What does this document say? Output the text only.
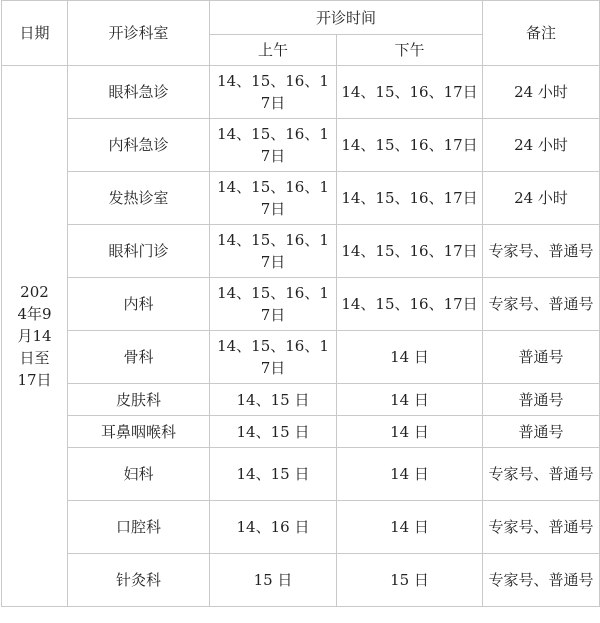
日期	开诊科室	开诊时间		备注
		上午	下午	
2024年9月14日至17日	眼科急诊	14、15、16、17日	14、15、16、17日	24 小时
	内科急诊	14、15、16、17日	14、15、16、17日	24 小时
	发热诊室	14、15、16、17日	14、15、16、17日	24 小时
	眼科门诊	14、15、16、17日	14、15、16、17日	专家号、普通号
	内科	14、15、16、17日	14、15、16、17日	专家号、普通号
	骨科	14、15、16、17日	14 日	普通号
	皮肤科	14、15 日	14 日	普通号
	耳鼻咽喉科	14、15 日	14 日	普通号
	妇科	14、15 日	14 日	专家号、普通号
	口腔科	14、16 日	14 日	专家号、普通号
	针灸科	15 日	15 日	专家号、普通号
